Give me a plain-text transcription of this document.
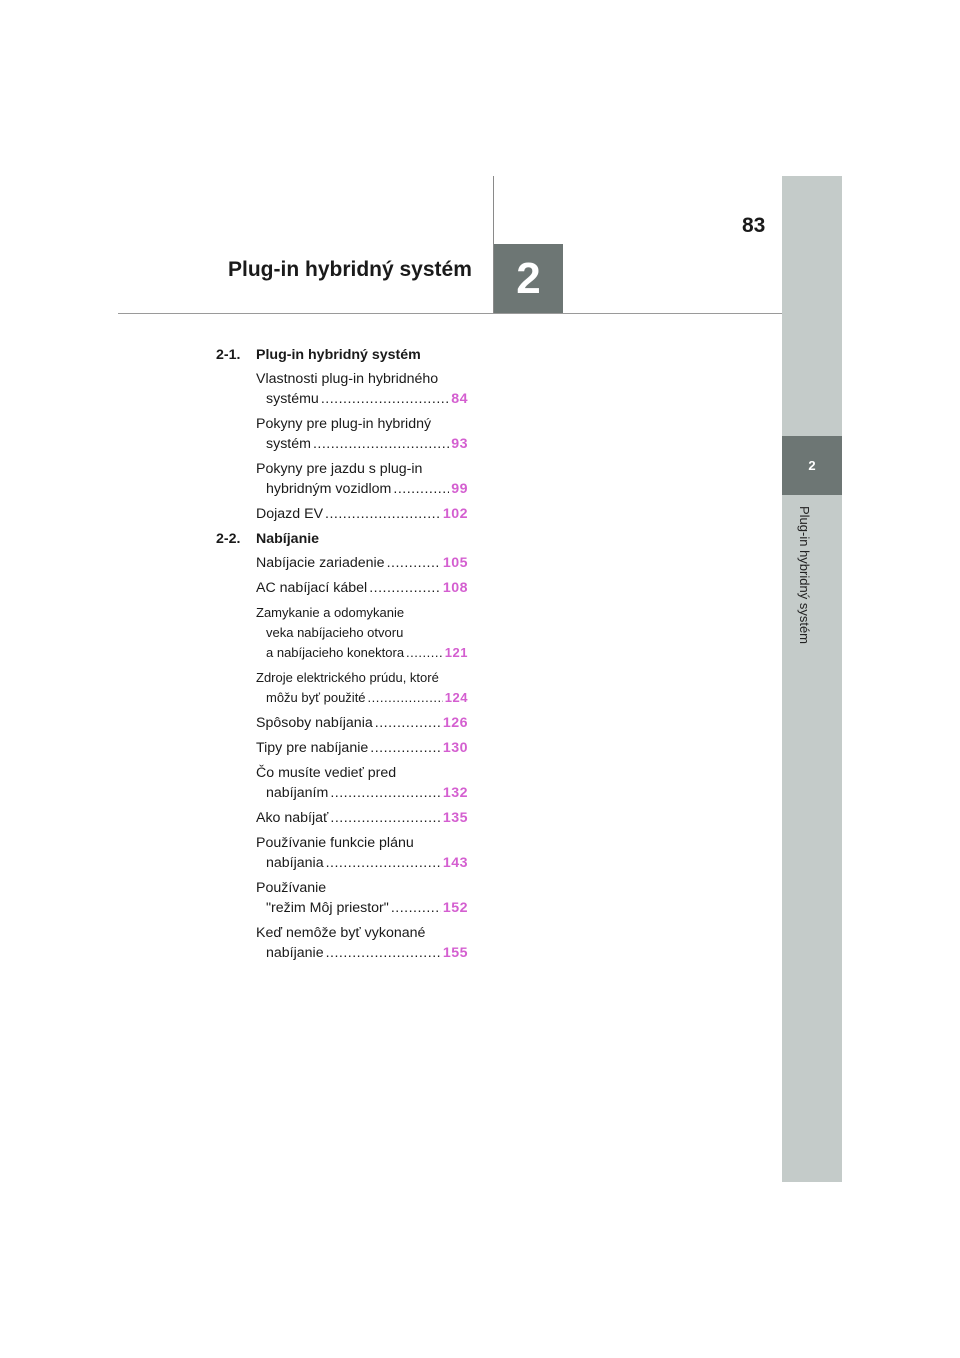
83
Plug-in hybridný systém	2
2
Plug-in hybridný systém
2-1.	Plug-in hybridný systém
Vlastnosti plug-in hybridného
systému .....	84
Pokyny pre plug-in hybridný
systém .....	93
Pokyny pre jazdu s plug-in
hybridným vozidlom .....	99
Dojazd EV .....	102
2-2.	Nabíjanie
Nabíjacie zariadenie .....	105
AC nabíjací kábel .....	108
Zamykanie a odomykanie
veka nabíjacieho otvoru
a nabíjacieho konektora .....	121
Zdroje elektrického prúdu, ktoré
môžu byť použité .....	124
Spôsoby nabíjania .....	126
Tipy pre nabíjanie .....	130
Čo musíte vedieť pred
nabíjaním .....	132
Ako nabíjať .....	135
Používanie funkcie plánu
nabíjania .....	143
Používanie
"režim Môj priestor" .....	152
Keď nemôže byť vykonané
nabíjanie .....	155
